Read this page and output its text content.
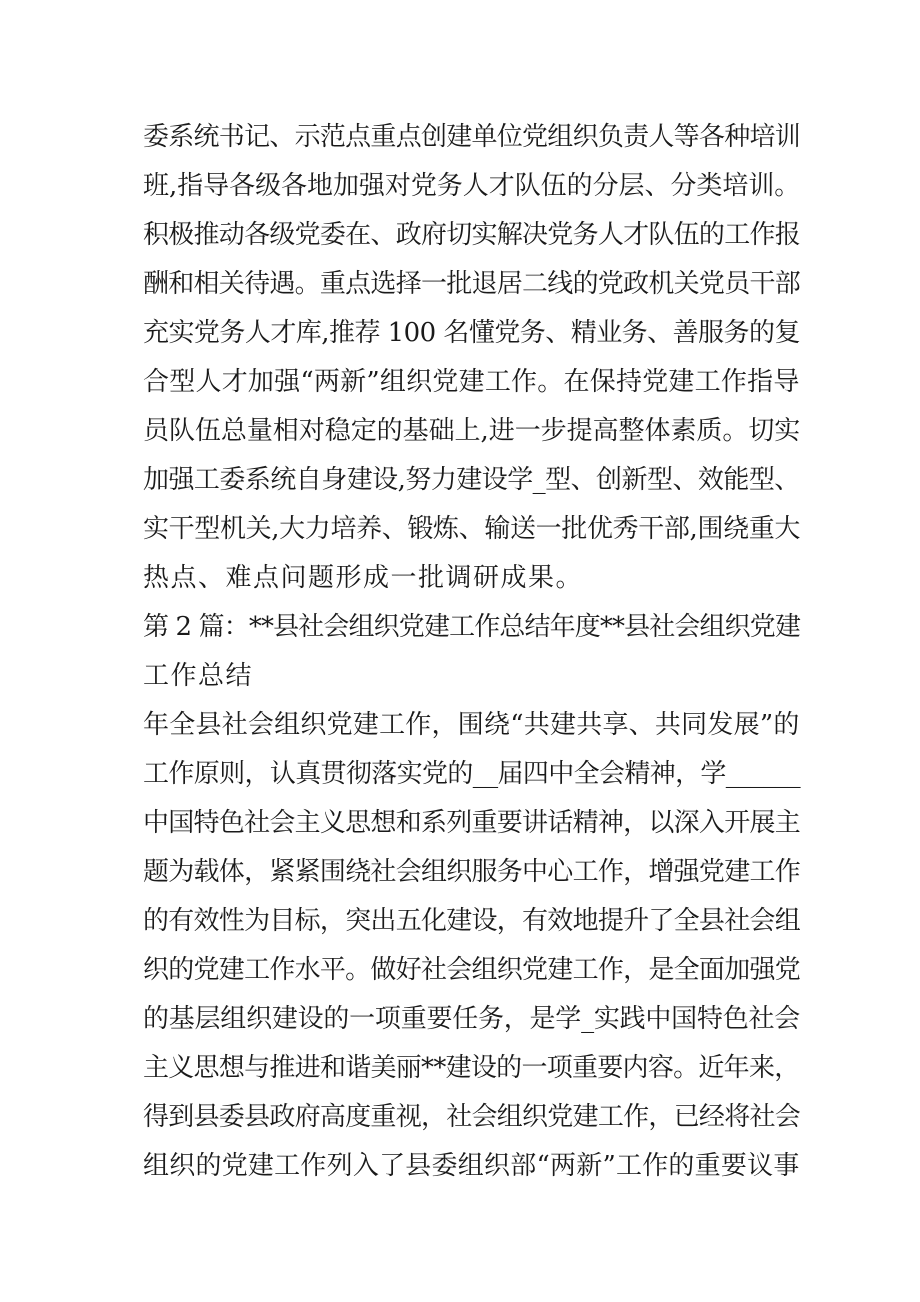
委系统书记、示范点重点创建单位党组织负责人等各种培训
班,指导各级各地加强对党务人才队伍的分层、分类培训。
积极推动各级党委在、政府切实解决党务人才队伍的工作报
酬和相关待遇。重点选择一批退居二线的党政机关党员干部
充实党务人才库,推荐 100 名懂党务、精业务、善服务的复
合型人才加强“两新”组织党建工作。在保持党建工作指导
员队伍总量相对稳定的基础上,进一步提高整体素质。切实
加强工委系统自身建设,努力建设学_型、创新型、效能型、
实干型机关,大力培养、锻炼、输送一批优秀干部,围绕重大
热点、难点问题形成一批调研成果。
第 2 篇：**县社会组织党建工作总结年度**县社会组织党建
工作总结
年全县社会组织党建工作，围绕“共建共享、共同发展”的
工作原则，认真贯彻落实党的__届四中全会精神，学______
中国特色社会主义思想和系列重要讲话精神，以深入开展主
题为载体，紧紧围绕社会组织服务中心工作，增强党建工作
的有效性为目标，突出五化建设，有效地提升了全县社会组
织的党建工作水平。做好社会组织党建工作，是全面加强党
的基层组织建设的一项重要任务，是学_实践中国特色社会
主义思想与推进和谐美丽**建设的一项重要内容。近年来，
得到县委县政府高度重视，社会组织党建工作，已经将社会
组织的党建工作列入了县委组织部“两新”工作的重要议事
